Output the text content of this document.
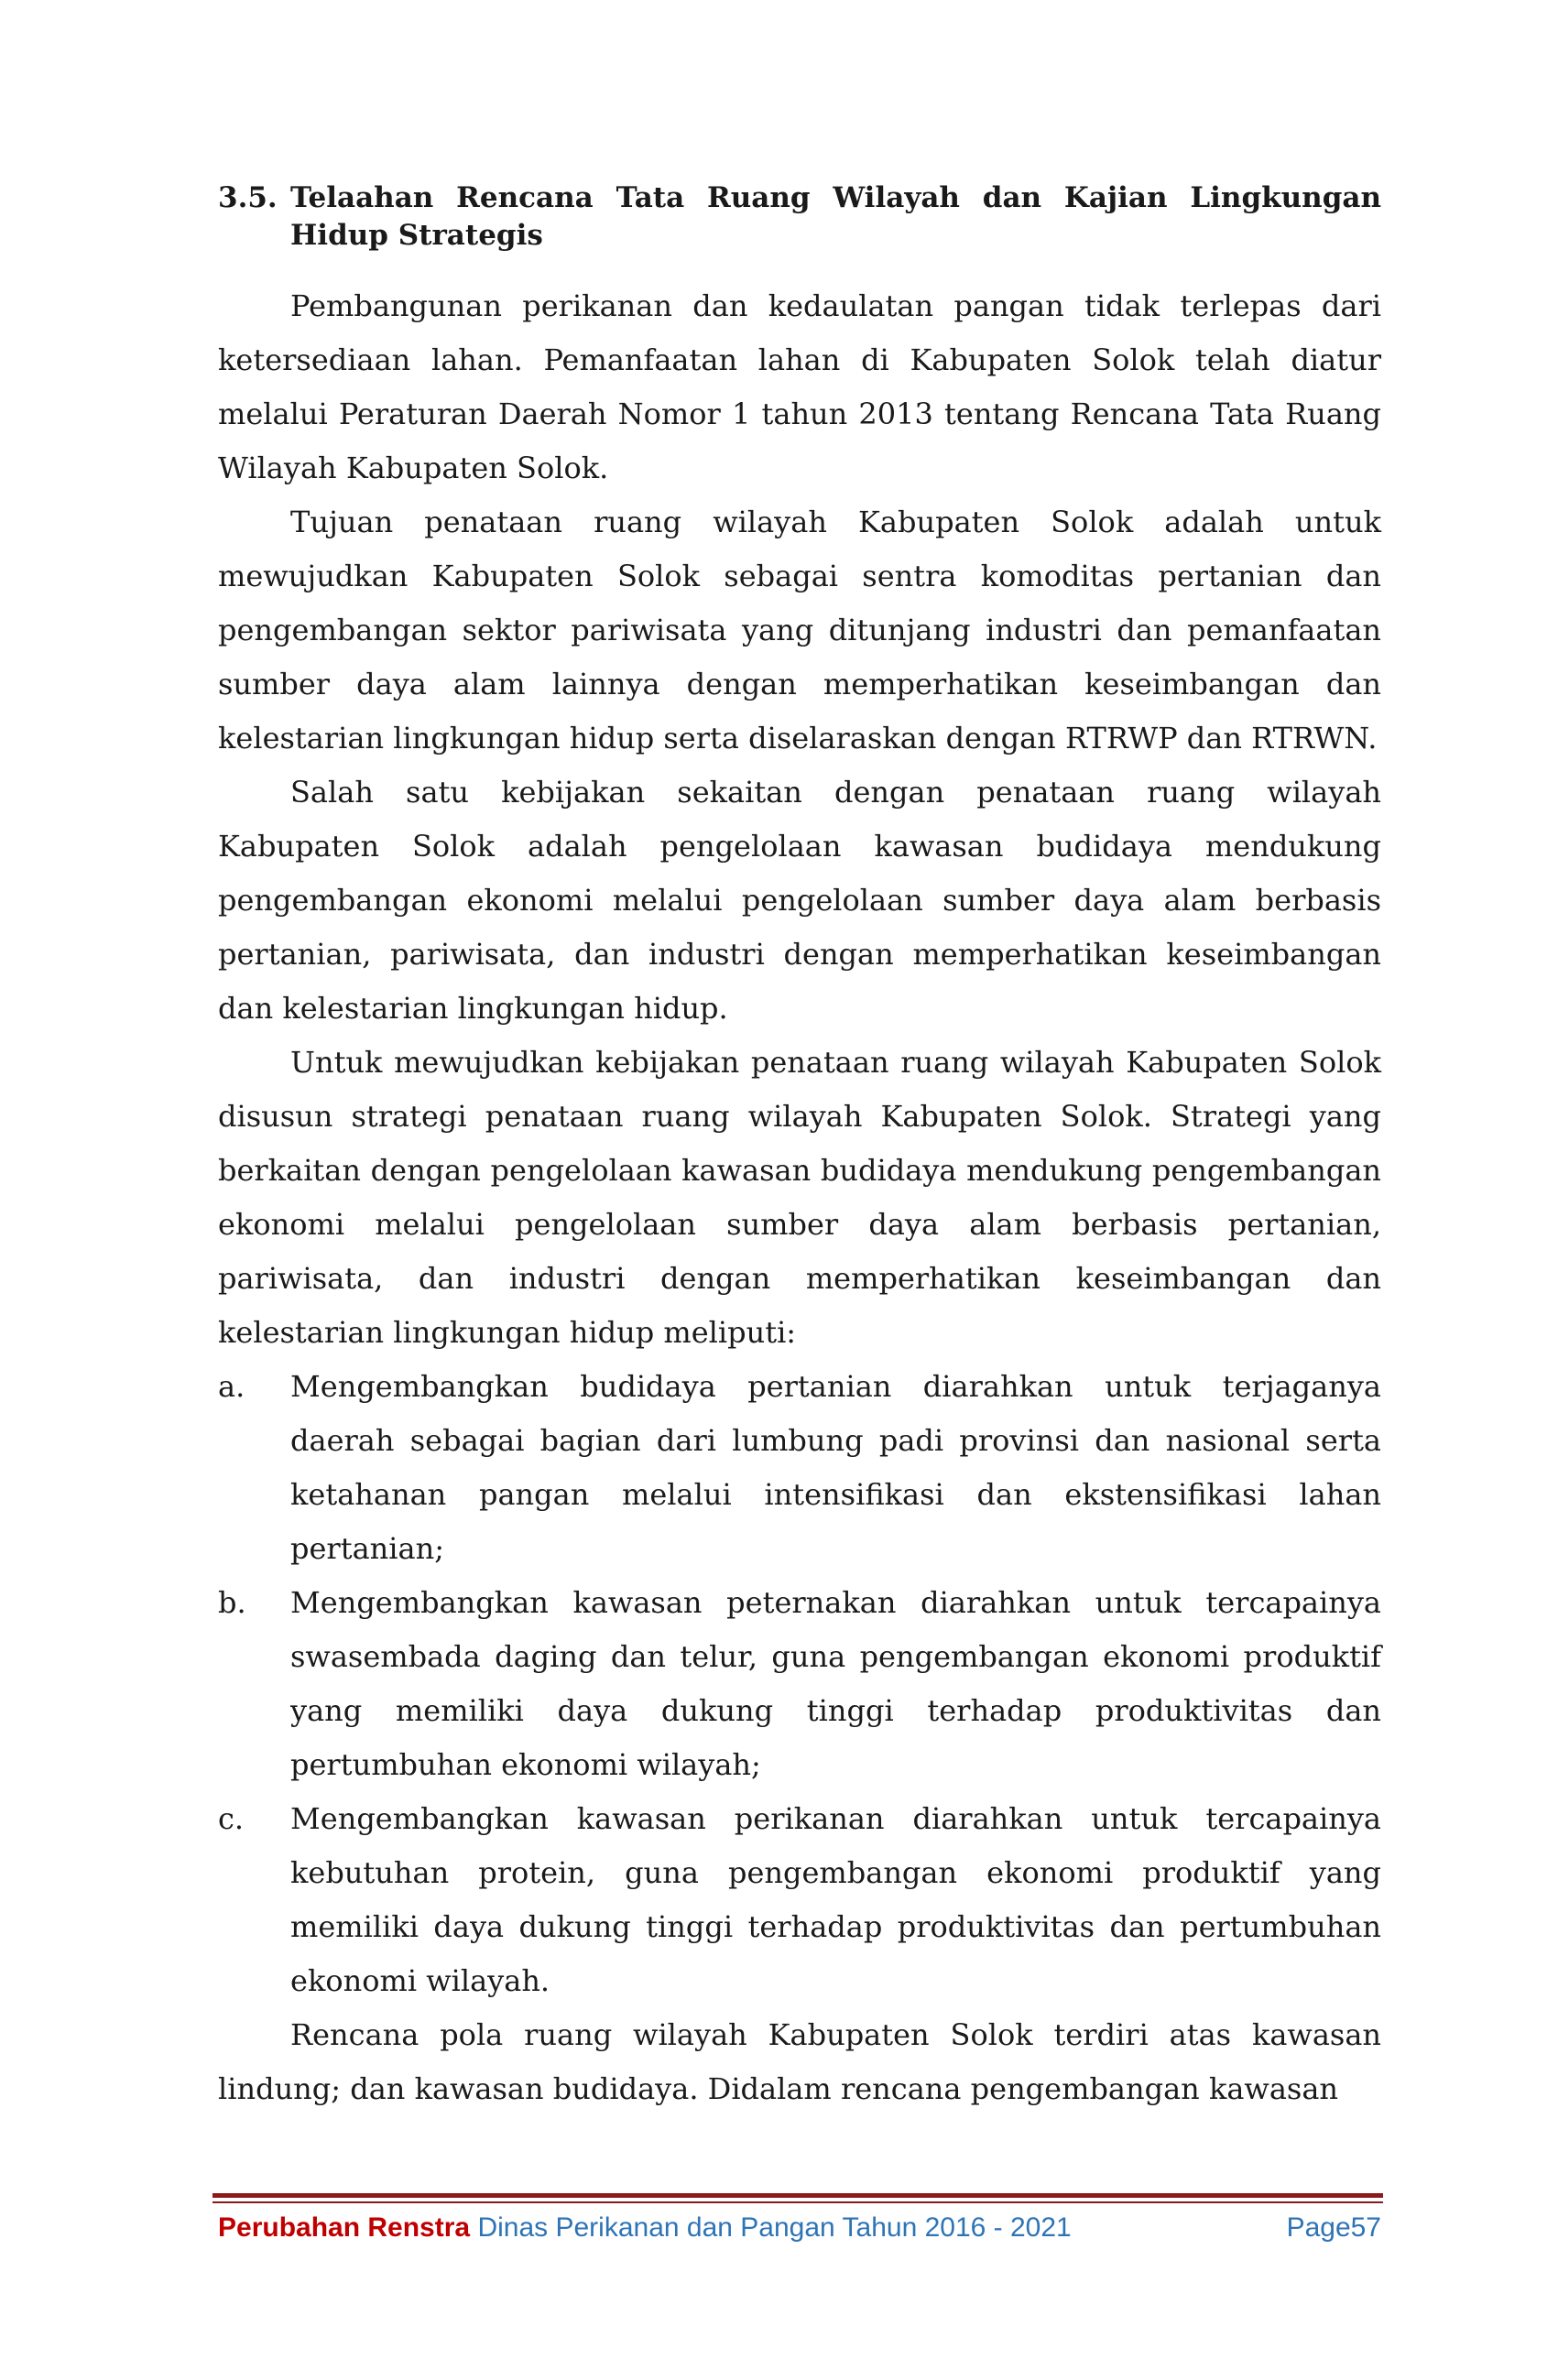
3.5. Telaahan Rencana Tata Ruang Wilayah dan Kajian Lingkungan Hidup Strategis

Pembangunan perikanan dan kedaulatan pangan tidak terlepas dari ketersediaan lahan. Pemanfaatan lahan di Kabupaten Solok telah diatur melalui Peraturan Daerah Nomor 1 tahun 2013 tentang Rencana Tata Ruang Wilayah Kabupaten Solok.

Tujuan penataan ruang wilayah Kabupaten Solok adalah untuk mewujudkan Kabupaten Solok sebagai sentra komoditas pertanian dan pengembangan sektor pariwisata yang ditunjang industri dan pemanfaatan sumber daya alam lainnya dengan memperhatikan keseimbangan dan kelestarian lingkungan hidup serta diselaraskan dengan RTRWP dan RTRWN.

Salah satu kebijakan sekaitan dengan penataan ruang wilayah Kabupaten Solok adalah pengelolaan kawasan budidaya mendukung pengembangan ekonomi melalui pengelolaan sumber daya alam berbasis pertanian, pariwisata, dan industri dengan memperhatikan keseimbangan dan kelestarian lingkungan hidup.

Untuk mewujudkan kebijakan penataan ruang wilayah Kabupaten Solok disusun strategi penataan ruang wilayah Kabupaten Solok. Strategi yang berkaitan dengan pengelolaan kawasan budidaya mendukung pengembangan ekonomi melalui pengelolaan sumber daya alam berbasis pertanian, pariwisata, dan industri dengan memperhatikan keseimbangan dan kelestarian lingkungan hidup meliputi:

a. Mengembangkan budidaya pertanian diarahkan untuk terjaganya daerah sebagai bagian dari lumbung padi provinsi dan nasional serta ketahanan pangan melalui intensifikasi dan ekstensifikasi lahan pertanian;
b. Mengembangkan kawasan peternakan diarahkan untuk tercapainya swasembada daging dan telur, guna pengembangan ekonomi produktif yang memiliki daya dukung tinggi terhadap produktivitas dan pertumbuhan ekonomi wilayah;
c. Mengembangkan kawasan perikanan diarahkan untuk tercapainya kebutuhan protein, guna pengembangan ekonomi produktif yang memiliki daya dukung tinggi terhadap produktivitas dan pertumbuhan ekonomi wilayah.

Rencana pola ruang wilayah Kabupaten Solok terdiri atas kawasan lindung; dan kawasan budidaya. Didalam rencana pengembangan kawasan

Perubahan Renstra Dinas Perikanan dan Pangan Tahun 2016 - 2021	Page57
